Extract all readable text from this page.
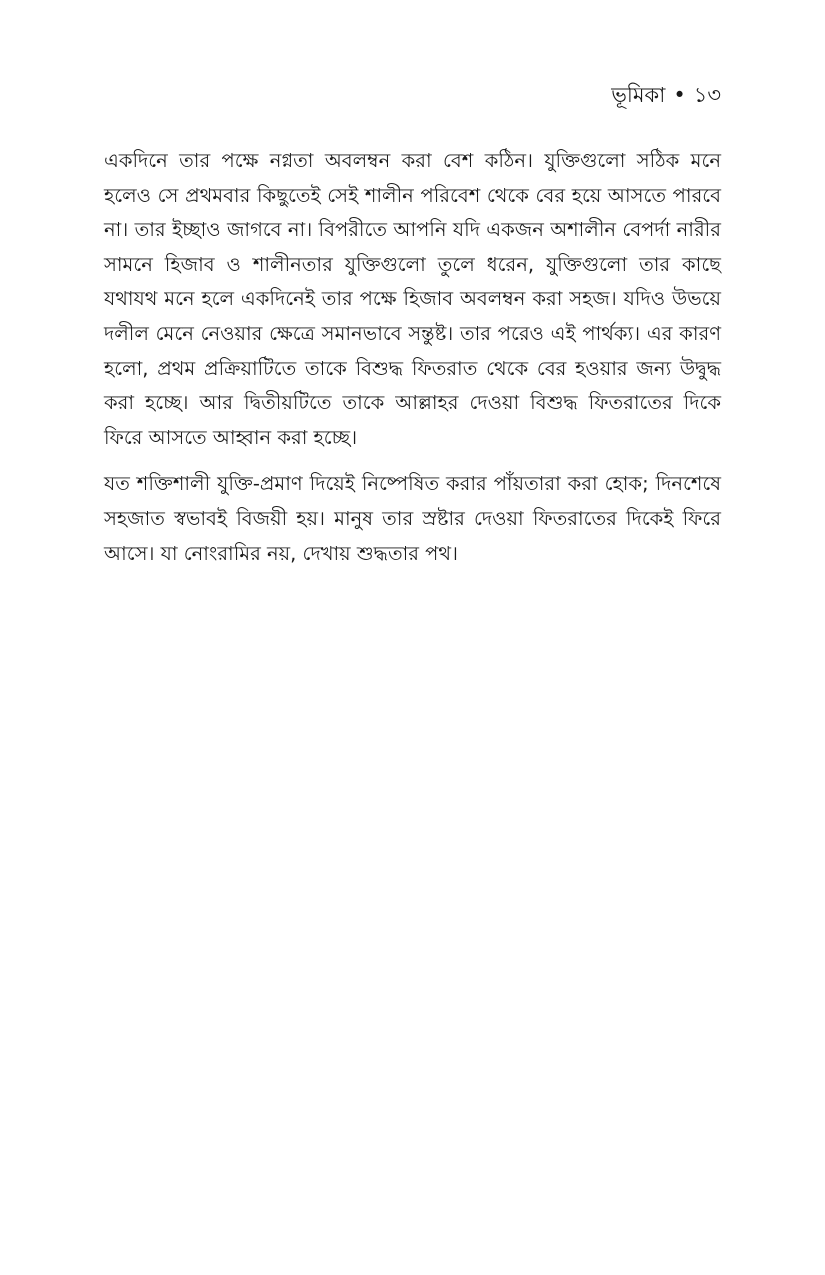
ভূমিকা • ১৩

একদিনে তার পক্ষে নগ্নতা অবলম্বন করা বেশ কঠিন। যুক্তিগুলো সঠিক মনে হলেও সে প্রথমবার কিছুতেই সেই শালীন পরিবেশ থেকে বের হয়ে আসতে পারবে না। তার ইচ্ছাও জাগবে না। বিপরীতে আপনি যদি একজন অশালীন বেপর্দা নারীর সামনে হিজাব ও শালীনতার যুক্তিগুলো তুলে ধরেন, যুক্তিগুলো তার কাছে যথাযথ মনে হলে একদিনেই তার পক্ষে হিজাব অবলম্বন করা সহজ। যদিও উভয়ে দলীল মেনে নেওয়ার ক্ষেত্রে সমানভাবে সন্তুষ্ট। তার পরেও এই পার্থক্য। এর কারণ হলো, প্রথম প্রক্রিয়াটিতে তাকে বিশুদ্ধ ফিতরাত থেকে বের হওয়ার জন্য উদ্বুদ্ধ করা হচ্ছে। আর দ্বিতীয়টিতে তাকে আল্লাহর দেওয়া বিশুদ্ধ ফিতরাতের দিকে ফিরে আসতে আহ্বান করা হচ্ছে।

যত শক্তিশালী যুক্তি-প্রমাণ দিয়েই নিষ্পেষিত করার পাঁয়তারা করা হোক; দিনশেষে সহজাত স্বভাবই বিজয়ী হয়। মানুষ তার স্রষ্টার দেওয়া ফিতরাতের দিকেই ফিরে আসে। যা নোংরামির নয়, দেখায় শুদ্ধতার পথ।
